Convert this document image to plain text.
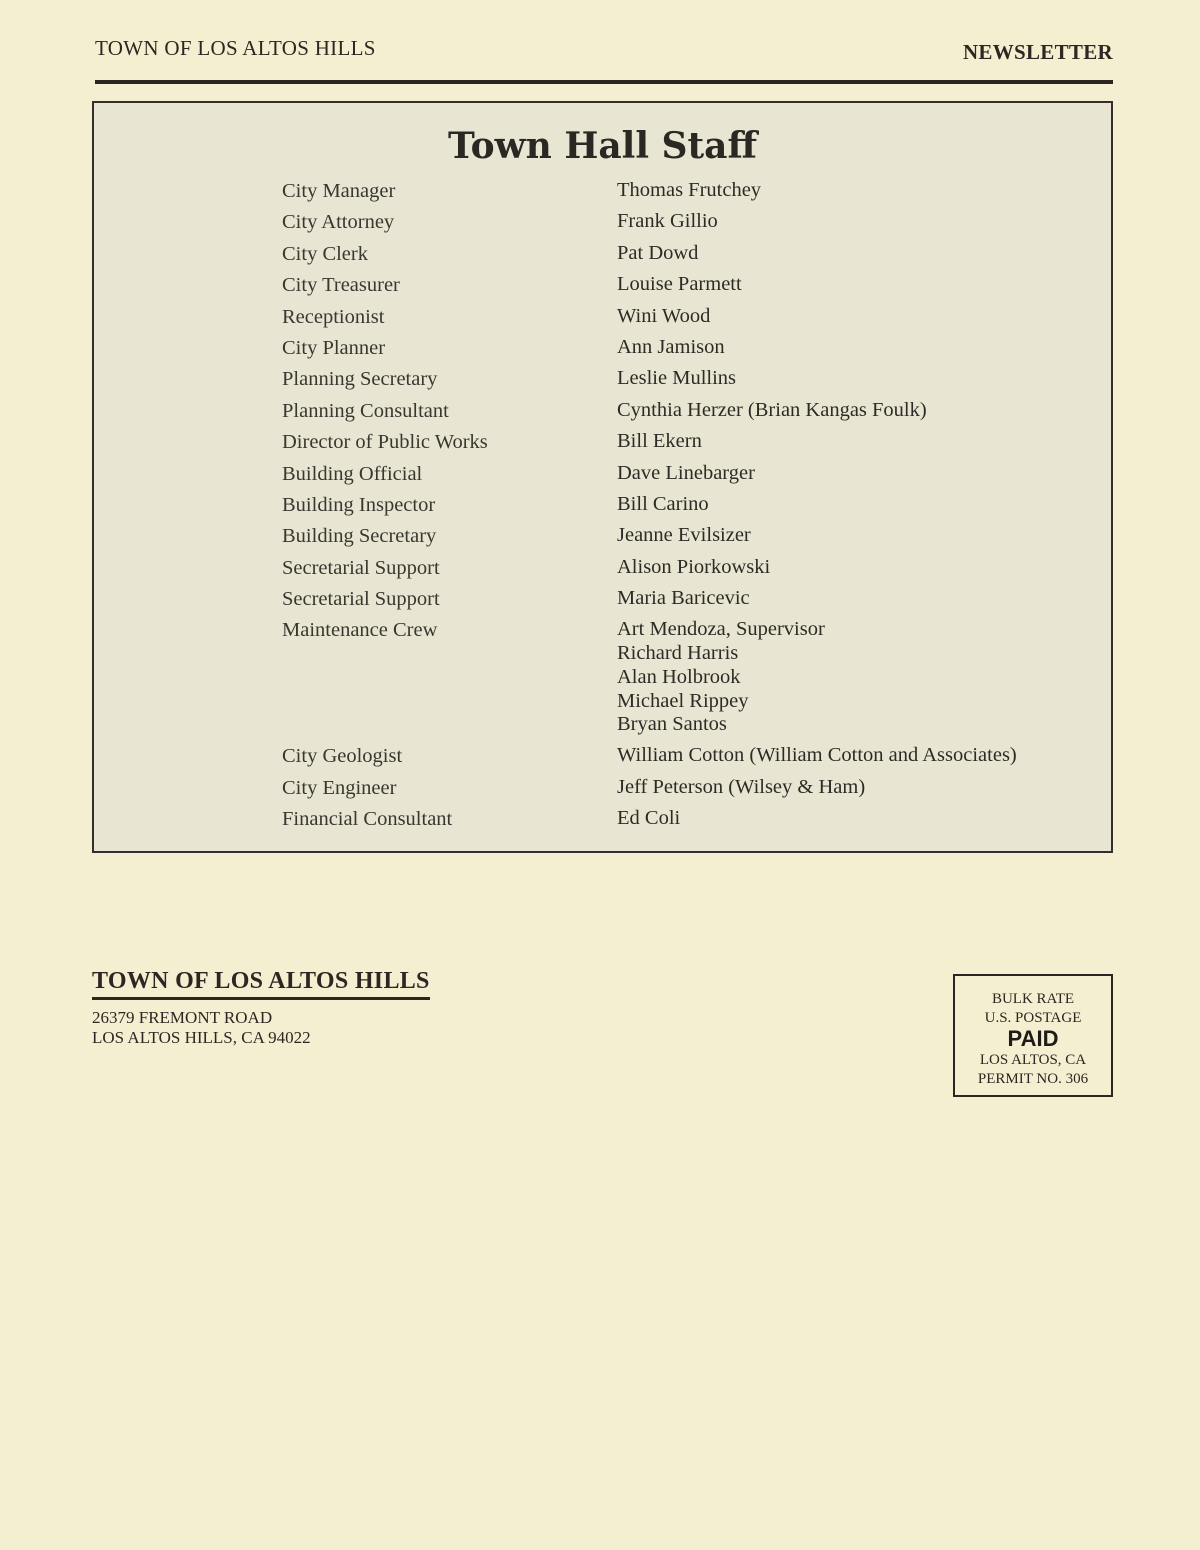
TOWN OF LOS ALTOS HILLS	NEWSLETTER
Town Hall Staff
City Manager	Thomas Frutchey
City Attorney	Frank Gillio
City Clerk	Pat Dowd
City Treasurer	Louise Parmett
Receptionist	Wini Wood
City Planner	Ann Jamison
Planning Secretary	Leslie Mullins
Planning Consultant	Cynthia Herzer (Brian Kangas Foulk)
Director of Public Works	Bill Ekern
Building Official	Dave Linebarger
Building Inspector	Bill Carino
Building Secretary	Jeanne Evilsizer
Secretarial Support	Alison Piorkowski
Secretarial Support	Maria Baricevic
Maintenance Crew	Art Mendoza, Supervisor
Richard Harris
Alan Holbrook
Michael Rippey
Bryan Santos
City Geologist	William Cotton (William Cotton and Associates)
City Engineer	Jeff Peterson (Wilsey & Ham)
Financial Consultant	Ed Coli
TOWN OF LOS ALTOS HILLS
26379 FREMONT ROAD
LOS ALTOS HILLS, CA 94022
BULK RATE
U.S. POSTAGE
PAID
LOS ALTOS, CA
PERMIT NO. 306
